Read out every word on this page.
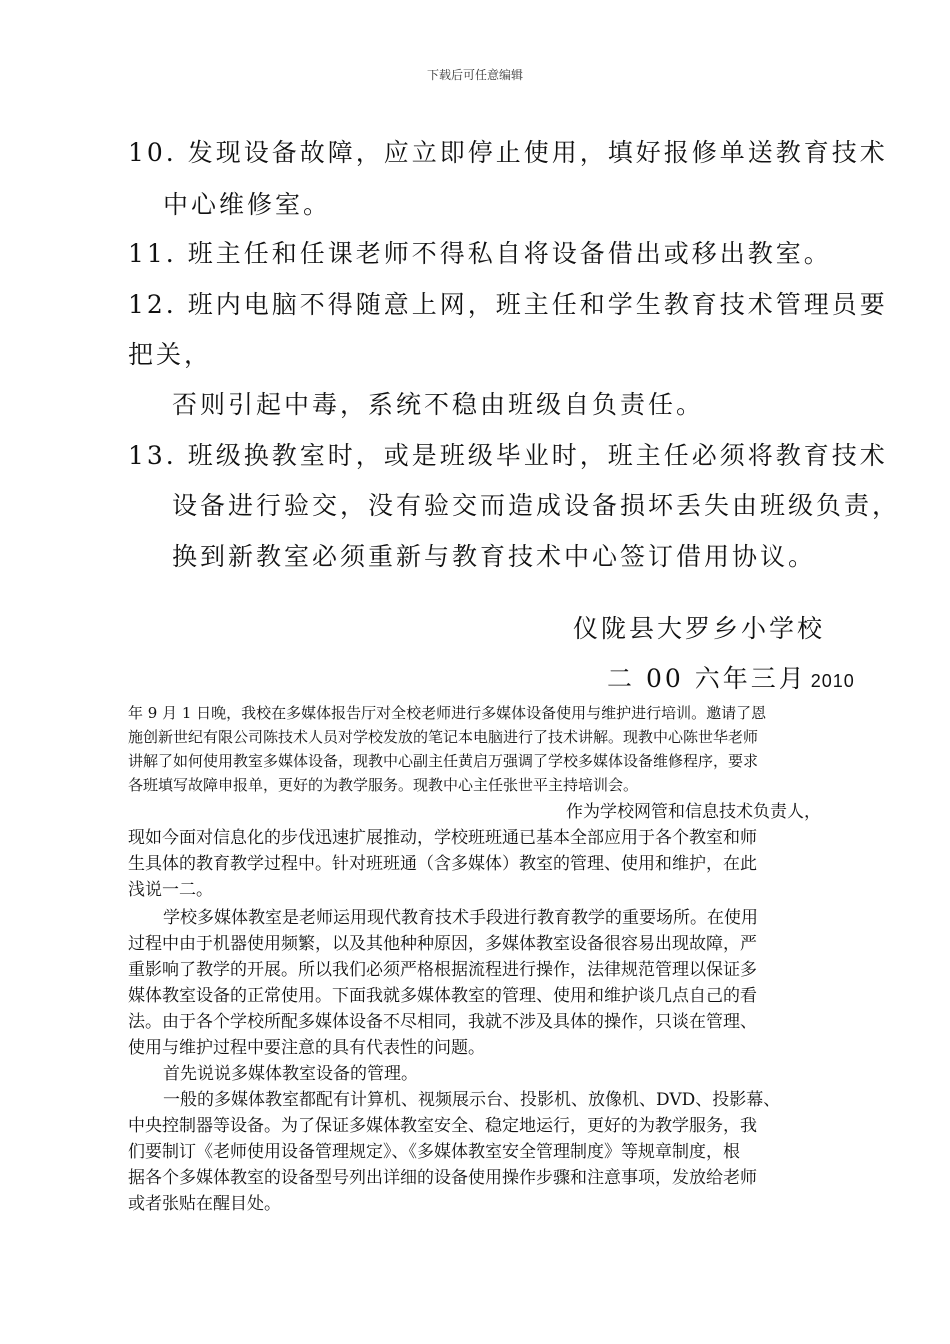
下载后可任意编辑
10. 发现设备故障，应立即停止使用，填好报修单送教育技术
中心维修室。
11. 班主任和任课老师不得私自将设备借出或移出教室。
12. 班内电脑不得随意上网，班主任和学生教育技术管理员要
把关，
否则引起中毒，系统不稳由班级自负责任。
13. 班级换教室时，或是班级毕业时，班主任必须将教育技术
设备进行验交，没有验交而造成设备损坏丢失由班级负责，
换到新教室必须重新与教育技术中心签订借用协议。
仪陇县大罗乡小学校
二 00 六年三月 2010
年 9 月 1 日晚，我校在多媒体报告厅对全校老师进行多媒体设备使用与维护进行培训。邀请了恩
施创新世纪有限公司陈技术人员对学校发放的笔记本电脑进行了技术讲解。现教中心陈世华老师
讲解了如何使用教室多媒体设备，现教中心副主任黄启万强调了学校多媒体设备维修程序，要求
各班填写故障申报单，更好的为教学服务。现教中心主任张世平主持培训会。
作为学校网管和信息技术负责人，
现如今面对信息化的步伐迅速扩展推动，学校班班通已基本全部应用于各个教室和师
生具体的教育教学过程中。针对班班通（含多媒体）教室的管理、使用和维护，在此
浅说一二。
学校多媒体教室是老师运用现代教育技术手段进行教育教学的重要场所。在使用
过程中由于机器使用频繁，以及其他种种原因，多媒体教室设备很容易出现故障，严
重影响了教学的开展。所以我们必须严格根据流程进行操作，法律规范管理以保证多
媒体教室设备的正常使用。下面我就多媒体教室的管理、使用和维护谈几点自己的看
法。由于各个学校所配多媒体设备不尽相同，我就不涉及具体的操作，只谈在管理、
使用与维护过程中要注意的具有代表性的问题。
首先说说多媒体教室设备的管理。
一般的多媒体教室都配有计算机、视频展示台、投影机、放像机、DVD、投影幕、
中央控制器等设备。为了保证多媒体教室安全、稳定地运行，更好的为教学服务，我
们要制订《老师使用设备管理规定》、《多媒体教室安全管理制度》等规章制度，根
据各个多媒体教室的设备型号列出详细的设备使用操作步骤和注意事项，发放给老师
或者张贴在醒目处。
